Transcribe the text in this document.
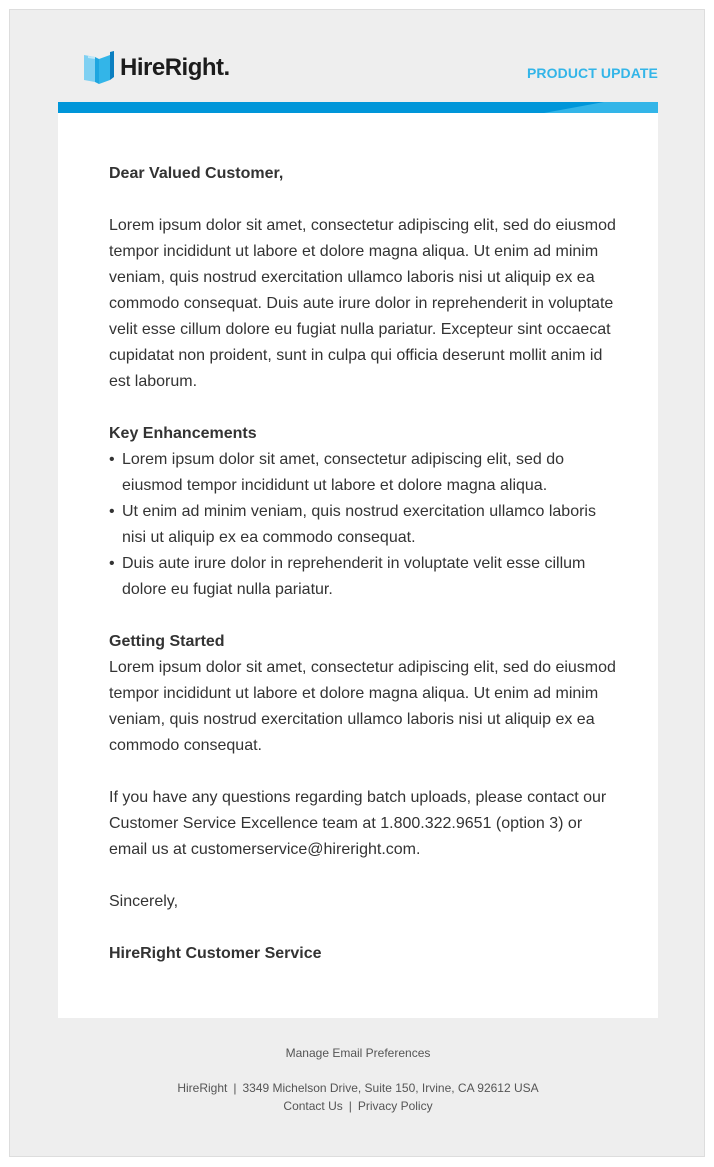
HireRight.	PRODUCT UPDATE

Dear Valued Customer,

Lorem ipsum dolor sit amet, consectetur adipiscing elit, sed do eiusmod tempor incididunt ut labore et dolore magna aliqua. Ut enim ad minim veniam, quis nostrud exercitation ullamco laboris nisi ut aliquip ex ea commodo consequat. Duis aute irure dolor in reprehenderit in voluptate velit esse cillum dolore eu fugiat nulla pariatur. Excepteur sint occaecat cupidatat non proident, sunt in culpa qui officia deserunt mollit anim id est laborum.

Key Enhancements
• Lorem ipsum dolor sit amet, consectetur adipiscing elit, sed do eiusmod tempor incididunt ut labore et dolore magna aliqua.
• Ut enim ad minim veniam, quis nostrud exercitation ullamco laboris nisi ut aliquip ex ea commodo consequat.
• Duis aute irure dolor in reprehenderit in voluptate velit esse cillum dolore eu fugiat nulla pariatur.
Getting Started

Lorem ipsum dolor sit amet, consectetur adipiscing elit, sed do eiusmod tempor incididunt ut labore et dolore magna aliqua. Ut enim ad minim veniam, quis nostrud exercitation ullamco laboris nisi ut aliquip ex ea commodo consequat.

If you have any questions regarding batch uploads, please contact our Customer Service Excellence team at 1.800.322.9651 (option 3) or email us at customerservice@hireright.com.

Sincerely,

HireRight Customer Service

Manage Email Preferences
HireRight | 3349 Michelson Drive, Suite 150, Irvine, CA 92612 USA
Contact Us | Privacy Policy
